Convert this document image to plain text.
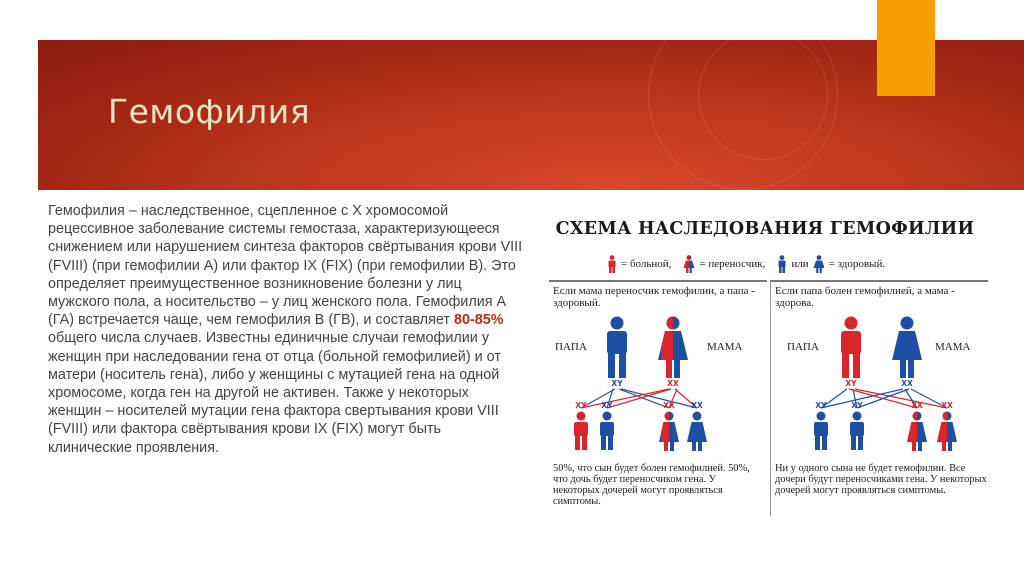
Гемофилия
Гемофилия – наследственное, сцепленное с X хромосомой рецессивное заболевание системы гемостаза, характеризующееся снижением или нарушением синтеза факторов свёртывания крови VIII (FVIII) (при гемофилии A) или фактор IX (FIX) (при гемофилии B). Это определяет преимущественное возникновение болезни у лиц мужского пола, а носительство – у лиц женского пола. Гемофилия A (ГА) встречается чаще, чем гемофилия B (ГВ), и составляет 80-85% общего числа случаев. Известны единичные случаи гемофилии у женщин при наследовании гена от отца (больной гемофилией) и от матери (носитель гена), либо у женщины с мутацией гена на одной хромосоме, когда ген на другой не активен. Также у некоторых женщин – носителей мутации гена фактора свертывания крови VIII (FVIII) или фактора свёртывания крови IX (FIX) могут быть клинические проявления.
СХЕМА НАСЛЕДОВАНИЯ ГЕМОФИЛИИ
= больной,	= переносчик, или = здоровый.
Если мама переносчик гемофилии, а папа - здоровый.
ПАПА	МАМА
XY	XX
XY XY	XX XX
50%, что сын будет болен гемофилией. 50%, что дочь будет переносчиком гена. У некоторых дочерей могут проявляться симптомы.
Если папа болен гемофилией, а мама - здорова.
ПАПА	МАМА
XY	XX
XY	XY	XX XX
Ни у одного сына не будет гемофилии. Все дочери будут переносчиками гена. У некоторых дочерей могут проявляться симптомы.
